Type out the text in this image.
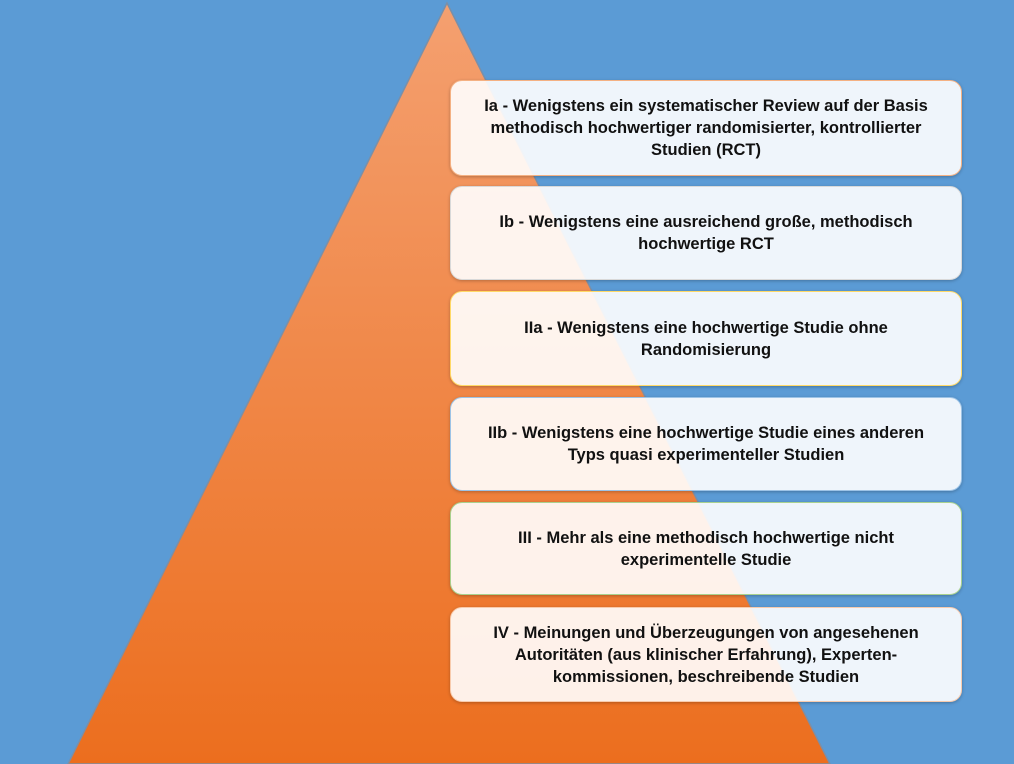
Ia - Wenigstens ein systematischer Review auf der Basis methodisch hochwertiger randomisierter, kontrollierter Studien (RCT)
Ib - Wenigstens eine ausreichend große, methodisch hochwertige RCT
IIa - Wenigstens eine hochwertige Studie ohne Randomisierung
IIb - Wenigstens eine hochwertige Studie eines anderen Typs quasi experimenteller Studien
III - Mehr als eine methodisch hochwertige nicht experimentelle Studie
IV - Meinungen und Überzeugungen von angesehenen Autoritäten (aus klinischer Erfahrung), Experten-kommissionen, beschreibende Studien
